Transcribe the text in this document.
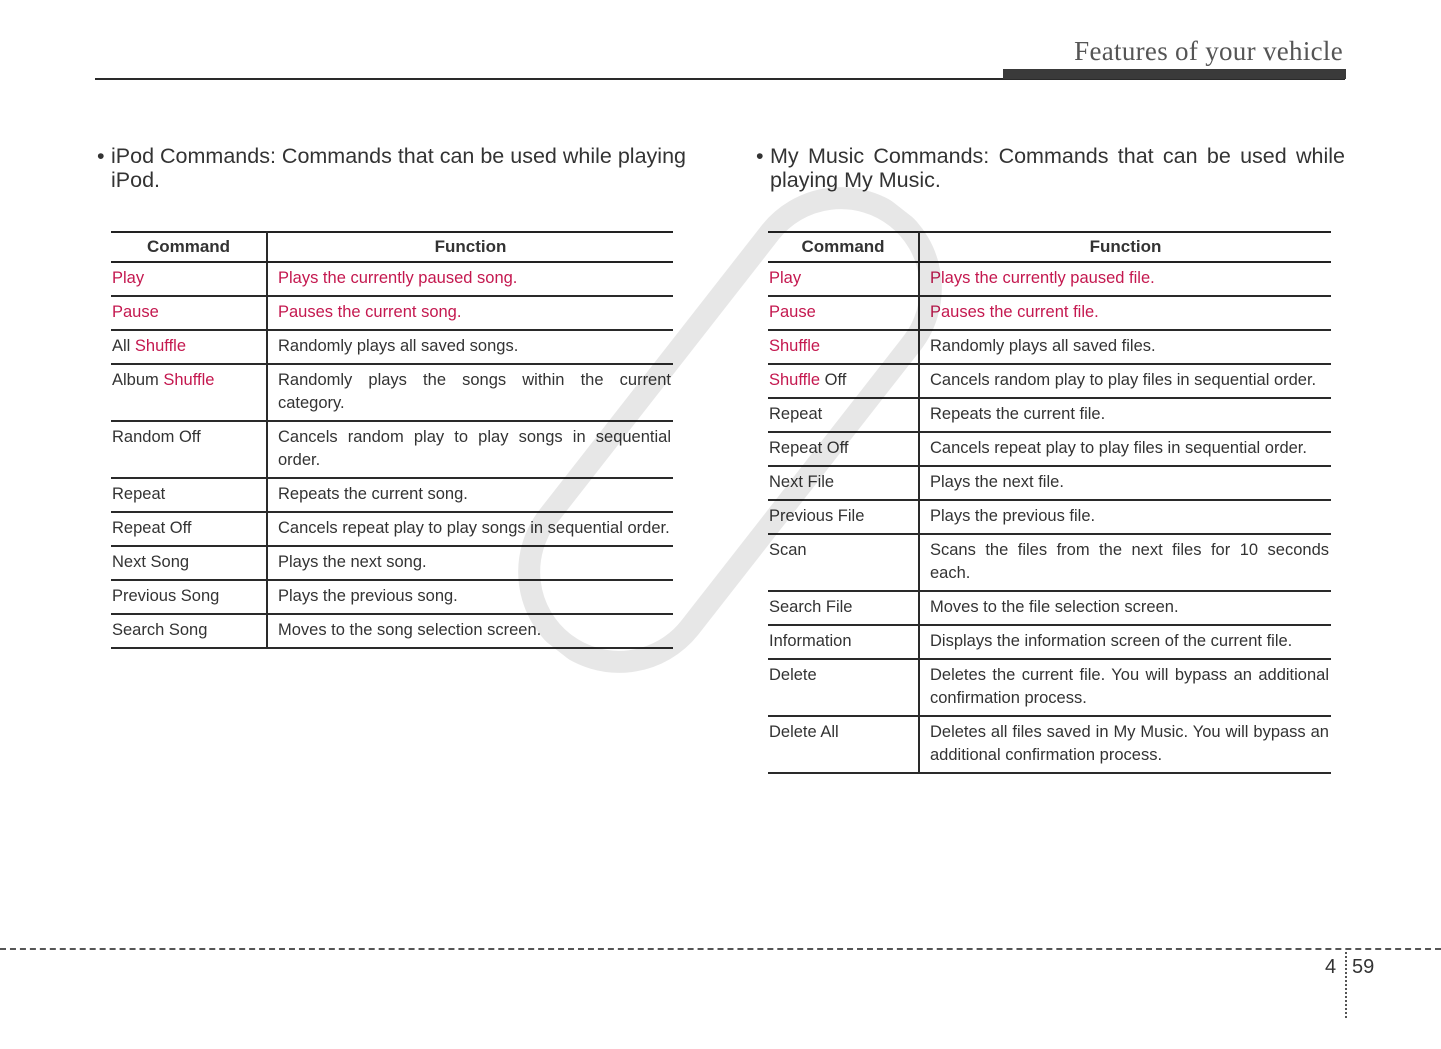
Features of your vehicle
• iPod Commands: Commands that can be used while playing iPod.
• My Music Commands: Commands that can be used while playing My Music.
Command	Function
Play	Plays the currently paused song.
Pause	Pauses the current song.
All Shuffle	Randomly plays all saved songs.
Album Shuffle	Randomly plays the songs within the current category.
Random Off	Cancels random play to play songs in sequential order.
Repeat	Repeats the current song.
Repeat Off	Cancels repeat play to play songs in sequential order.
Next Song	Plays the next song.
Previous Song	Plays the previous song.
Search Song	Moves to the song selection screen.
Command	Function
Play	Plays the currently paused file.
Pause	Pauses the current file.
Shuffle	Randomly plays all saved files.
Shuffle Off	Cancels random play to play files in sequential order.
Repeat	Repeats the current file.
Repeat Off	Cancels repeat play to play files in sequential order.
Next File	Plays the next file.
Previous File	Plays the previous file.
Scan	Scans the files from the next files for 10 seconds each.
Search File	Moves to the file selection screen.
Information	Displays the information screen of the current file.
Delete	Deletes the current file. You will bypass an additional confirmation process.
Delete All	Deletes all files saved in My Music. You will bypass an additional confirmation process.
4 59
